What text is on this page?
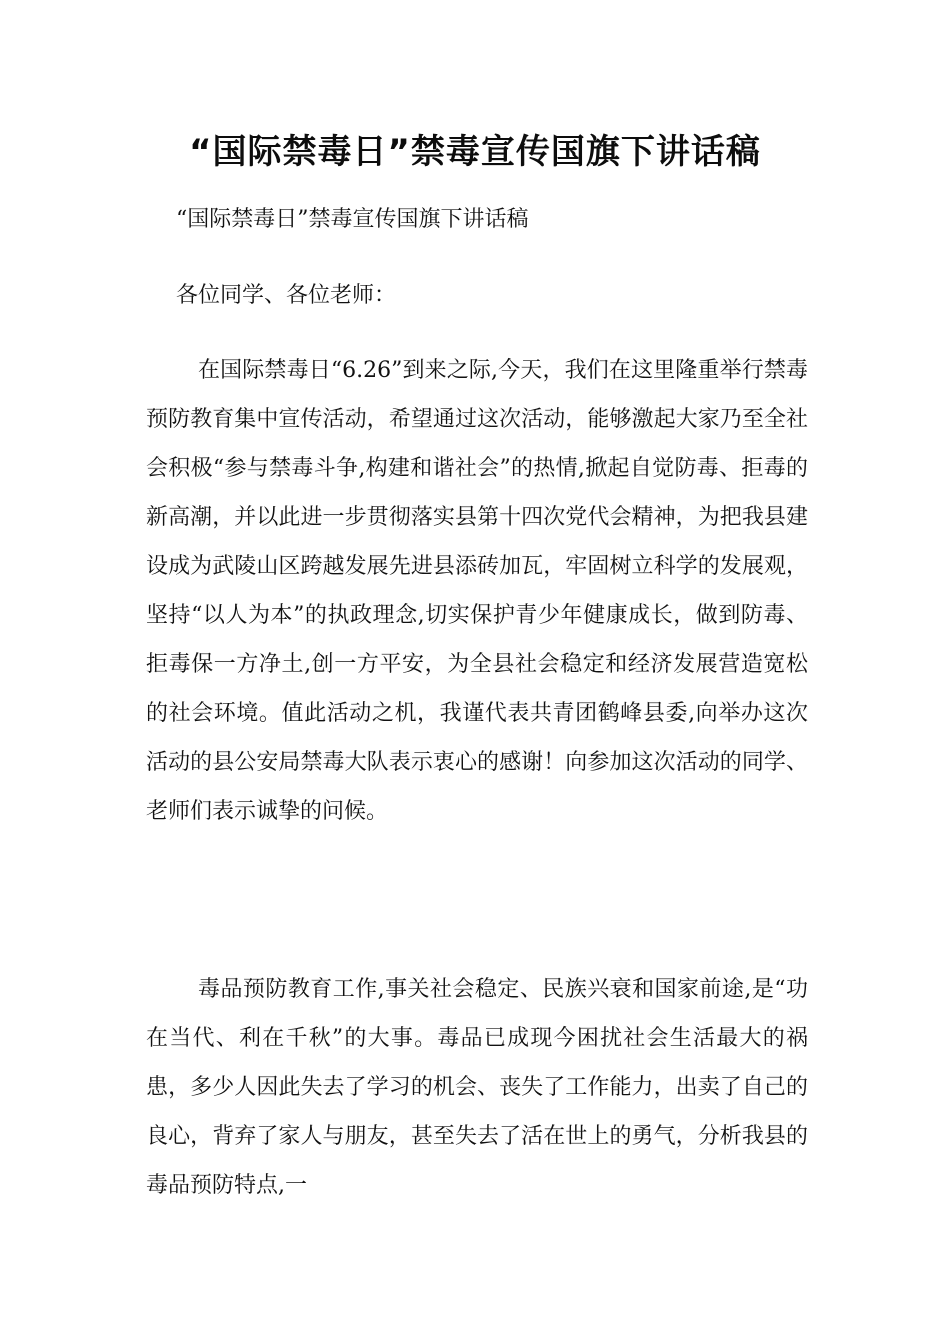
“国际禁毒日”禁毒宣传国旗下讲话稿

“国际禁毒日”禁毒宣传国旗下讲话稿

各位同学、各位老师：

在国际禁毒日“6.26”到来之际,今天，我们在这里隆重举行禁毒预防教育集中宣传活动，希望通过这次活动，能够激起大家乃至全社会积极“参与禁毒斗争,构建和谐社会”的热情,掀起自觉防毒、拒毒的新高潮，并以此进一步贯彻落实县第十四次党代会精神，为把我县建设成为武陵山区跨越发展先进县添砖加瓦，牢固树立科学的发展观，坚持“以人为本”的执政理念,切实保护青少年健康成长，做到防毒、拒毒保一方净土,创一方平安，为全县社会稳定和经济发展营造宽松的社会环境。值此活动之机，我谨代表共青团鹤峰县委,向举办这次活动的县公安局禁毒大队表示衷心的感谢！向参加这次活动的同学、老师们表示诚挚的问候。

毒品预防教育工作,事关社会稳定、民族兴衰和国家前途,是“功在当代、利在千秋”的大事。毒品已成现今困扰社会生活最大的祸患，多少人因此失去了学习的机会、丧失了工作能力，出卖了自己的良心，背弃了家人与朋友，甚至失去了活在世上的勇气，分析我县的毒品预防特点,一
